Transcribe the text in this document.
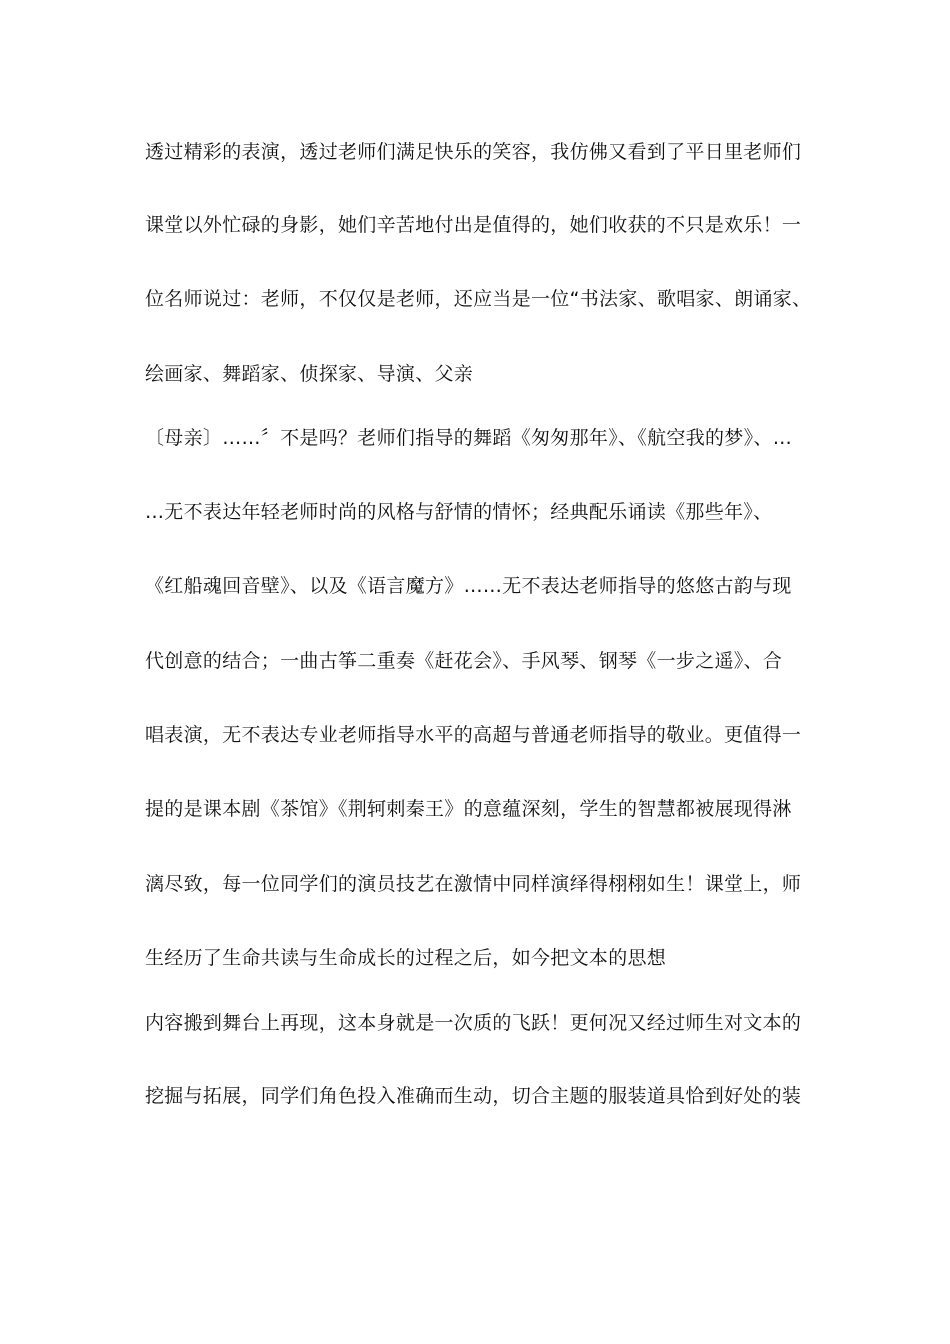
透过精彩的表演，透过老师们满足快乐的笑容，我仿佛又看到了平日里老师们
课堂以外忙碌的身影，她们辛苦地付出是值得的，她们收获的不只是欢乐！一
位名师说过：老师，不仅仅是老师，还应当是一位“书法家、歌唱家、朗诵家、
绘画家、舞蹈家、侦探家、导演、父亲
〔母亲〕……〞不是吗？老师们指导的舞蹈《匆匆那年》、《航空我的梦》、…
…无不表达年轻老师时尚的风格与舒情的情怀；经典配乐诵读《那些年》、
《红船魂回音壁》、以及《语言魔方》……无不表达老师指导的悠悠古韵与现
代创意的结合；一曲古筝二重奏《赶花会》、手风琴、钢琴《一步之遥》、合
唱表演，无不表达专业老师指导水平的高超与普通老师指导的敬业。更值得一
提的是课本剧《茶馆》《荆轲刺秦王》的意蕴深刻，学生的智慧都被展现得淋
漓尽致，每一位同学们的演员技艺在激情中同样演绎得栩栩如生！课堂上，师
生经历了生命共读与生命成长的过程之后，如今把文本的思想
内容搬到舞台上再现，这本身就是一次质的飞跃！更何况又经过师生对文本的
挖掘与拓展，同学们角色投入准确而生动，切合主题的服装道具恰到好处的装
